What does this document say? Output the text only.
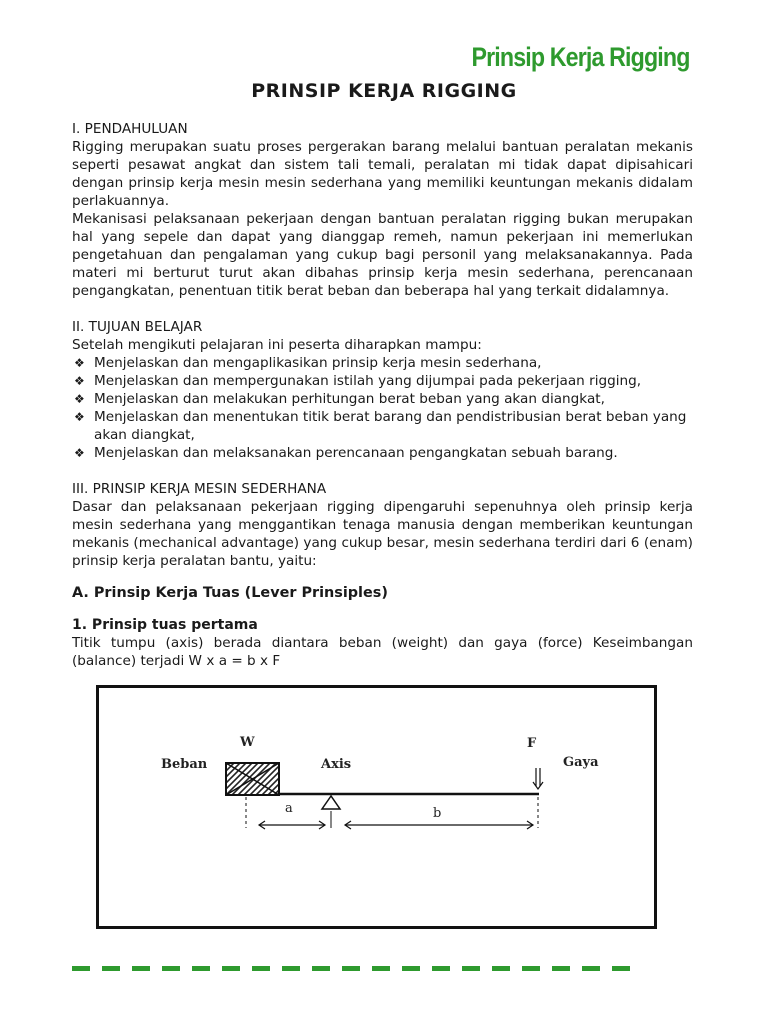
Prinsip Kerja Rigging
PRINSIP KERJA RIGGING

I. PENDAHULUAN

Rigging merupakan suatu proses pergerakan barang melalui bantuan peralatan mekanis seperti pesawat angkat dan sistem tali temali, peralatan mi tidak dapat dipisahicari dengan prinsip kerja mesin mesin sederhana yang memiliki keuntungan mekanis didalam perlakuannya.

Mekanisasi pelaksanaan pekerjaan dengan bantuan peralatan rigging bukan merupakan hal yang sepele dan dapat yang dianggap remeh, namun pekerjaan ini memerlukan pengetahuan dan pengalaman yang cukup bagi personil yang melaksanakannya. Pada materi mi berturut turut akan dibahas prinsip kerja mesin sederhana, perencanaan pengangkatan, penentuan titik berat beban dan beberapa hal yang terkait didalamnya.

II. TUJUAN BELAJAR

Setelah mengikuti pelajaran ini peserta diharapkan mampu:

❖ Menjelaskan dan mengaplikasikan prinsip kerja mesin sederhana,
❖ Menjelaskan dan mempergunakan istilah yang dijumpai pada pekerjaan rigging,
❖ Menjelaskan dan melakukan perhitungan berat beban yang akan diangkat,
❖ Menjelaskan dan menentukan titik berat barang dan pendistribusian berat beban yang akan diangkat,
❖ Menjelaskan dan melaksanakan perencanaan pengangkatan sebuah barang.

III. PRINSIP KERJA MESIN SEDERHANA

Dasar dan pelaksanaan pekerjaan rigging dipengaruhi sepenuhnya oleh prinsip kerja mesin sederhana yang menggantikan tenaga manusia dengan memberikan keuntungan mekanis (mechanical advantage) yang cukup besar, mesin sederhana terdiri dari 6 (enam) prinsip kerja peralatan bantu, yaitu:

A. Prinsip Kerja Tuas (Lever Prinsiples)

1. Prinsip tuas pertama

Titik tumpu (axis) berada diantara beban (weight) dan gaya (force) Keseimbangan (balance) terjadi W x a = b x F

Beban
W
Axis
F
Gaya
a	b
